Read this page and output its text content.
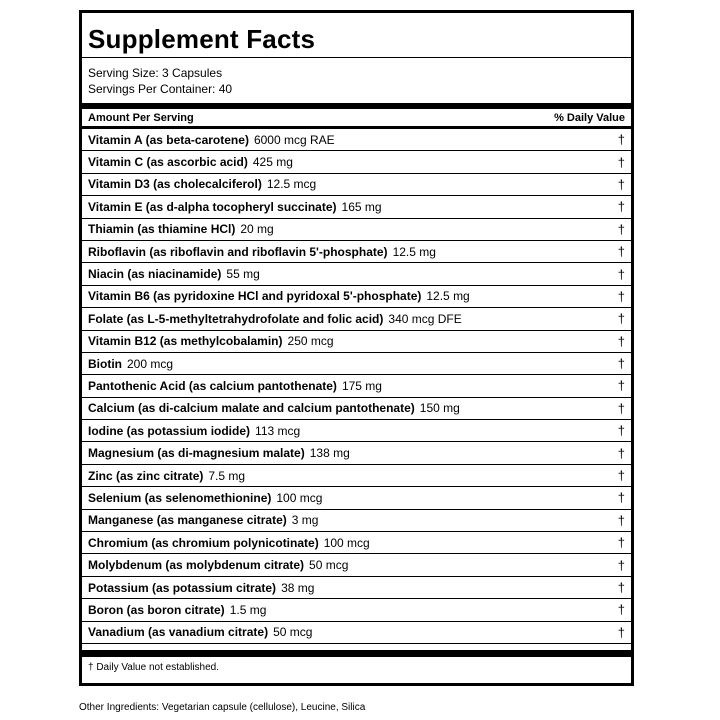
Supplement Facts
Serving Size: 3 Capsules
Servings Per Container: 40
Amount Per Serving	% Daily Value
Vitamin A (as beta-carotene) 6000 mcg RAE	†
Vitamin C (as ascorbic acid) 425 mg	†
Vitamin D3 (as cholecalciferol) 12.5 mcg	†
Vitamin E (as d-alpha tocopheryl succinate) 165 mg	†
Thiamin (as thiamine HCl) 20 mg	†
Riboflavin (as riboflavin and riboflavin 5'-phosphate) 12.5 mg	†
Niacin (as niacinamide) 55 mg	†
Vitamin B6 (as pyridoxine HCl and pyridoxal 5'-phosphate) 12.5 mg	†
Folate (as L-5-methyltetrahydrofolate and folic acid) 340 mcg DFE	†
Vitamin B12 (as methylcobalamin) 250 mcg	†
Biotin 200 mcg	†
Pantothenic Acid (as calcium pantothenate) 175 mg	†
Calcium (as di-calcium malate and calcium pantothenate) 150 mg	†
Iodine (as potassium iodide) 113 mcg	†
Magnesium (as di-magnesium malate) 138 mg	†
Zinc (as zinc citrate) 7.5 mg	†
Selenium (as selenomethionine) 100 mcg	†
Manganese (as manganese citrate) 3 mg	†
Chromium (as chromium polynicotinate) 100 mcg	†
Molybdenum (as molybdenum citrate) 50 mcg	†
Potassium (as potassium citrate) 38 mg	†
Boron (as boron citrate) 1.5 mg	†
Vanadium (as vanadium citrate) 50 mcg	†
† Daily Value not established.
Other Ingredients: Vegetarian capsule (cellulose), Leucine, Silica
